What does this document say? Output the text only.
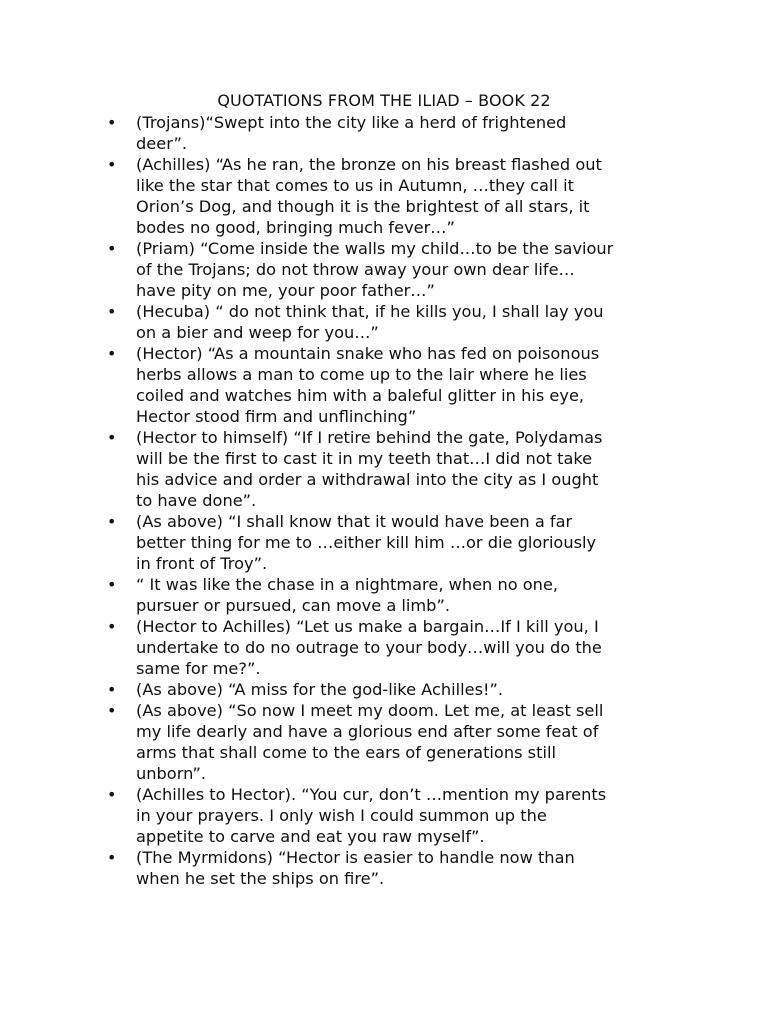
QUOTATIONS FROM THE ILIAD – BOOK 22
• (Trojans)“Swept into the city like a herd of frightened
deer”.
• (Achilles) “As he ran, the bronze on his breast flashed out
like the star that comes to us in Autumn, …they call it
Orion’s Dog, and though it is the brightest of all stars, it
bodes no good, bringing much fever…”
• (Priam) “Come inside the walls my child…to be the saviour
of the Trojans; do not throw away your own dear life…
have pity on me, your poor father…”
• (Hecuba) “ do not think that, if he kills you, I shall lay you
on a bier and weep for you…”
• (Hector) “As a mountain snake who has fed on poisonous
herbs allows a man to come up to the lair where he lies
coiled and watches him with a baleful glitter in his eye,
Hector stood firm and unflinching”
• (Hector to himself) “If I retire behind the gate, Polydamas
will be the first to cast it in my teeth that…I did not take
his advice and order a withdrawal into the city as I ought
to have done”.
• (As above) “I shall know that it would have been a far
better thing for me to …either kill him …or die gloriously
in front of Troy”.
• “ It was like the chase in a nightmare, when no one,
pursuer or pursued, can move a limb”.
• (Hector to Achilles) “Let us make a bargain…If I kill you, I
undertake to do no outrage to your body…will you do the
same for me?”.
• (As above) “A miss for the god-like Achilles!”.
• (As above) “So now I meet my doom. Let me, at least sell
my life dearly and have a glorious end after some feat of
arms that shall come to the ears of generations still
unborn”.
• (Achilles to Hector). “You cur, don’t …mention my parents
in your prayers. I only wish I could summon up the
appetite to carve and eat you raw myself”.
• (The Myrmidons) “Hector is easier to handle now than
when he set the ships on fire”.
